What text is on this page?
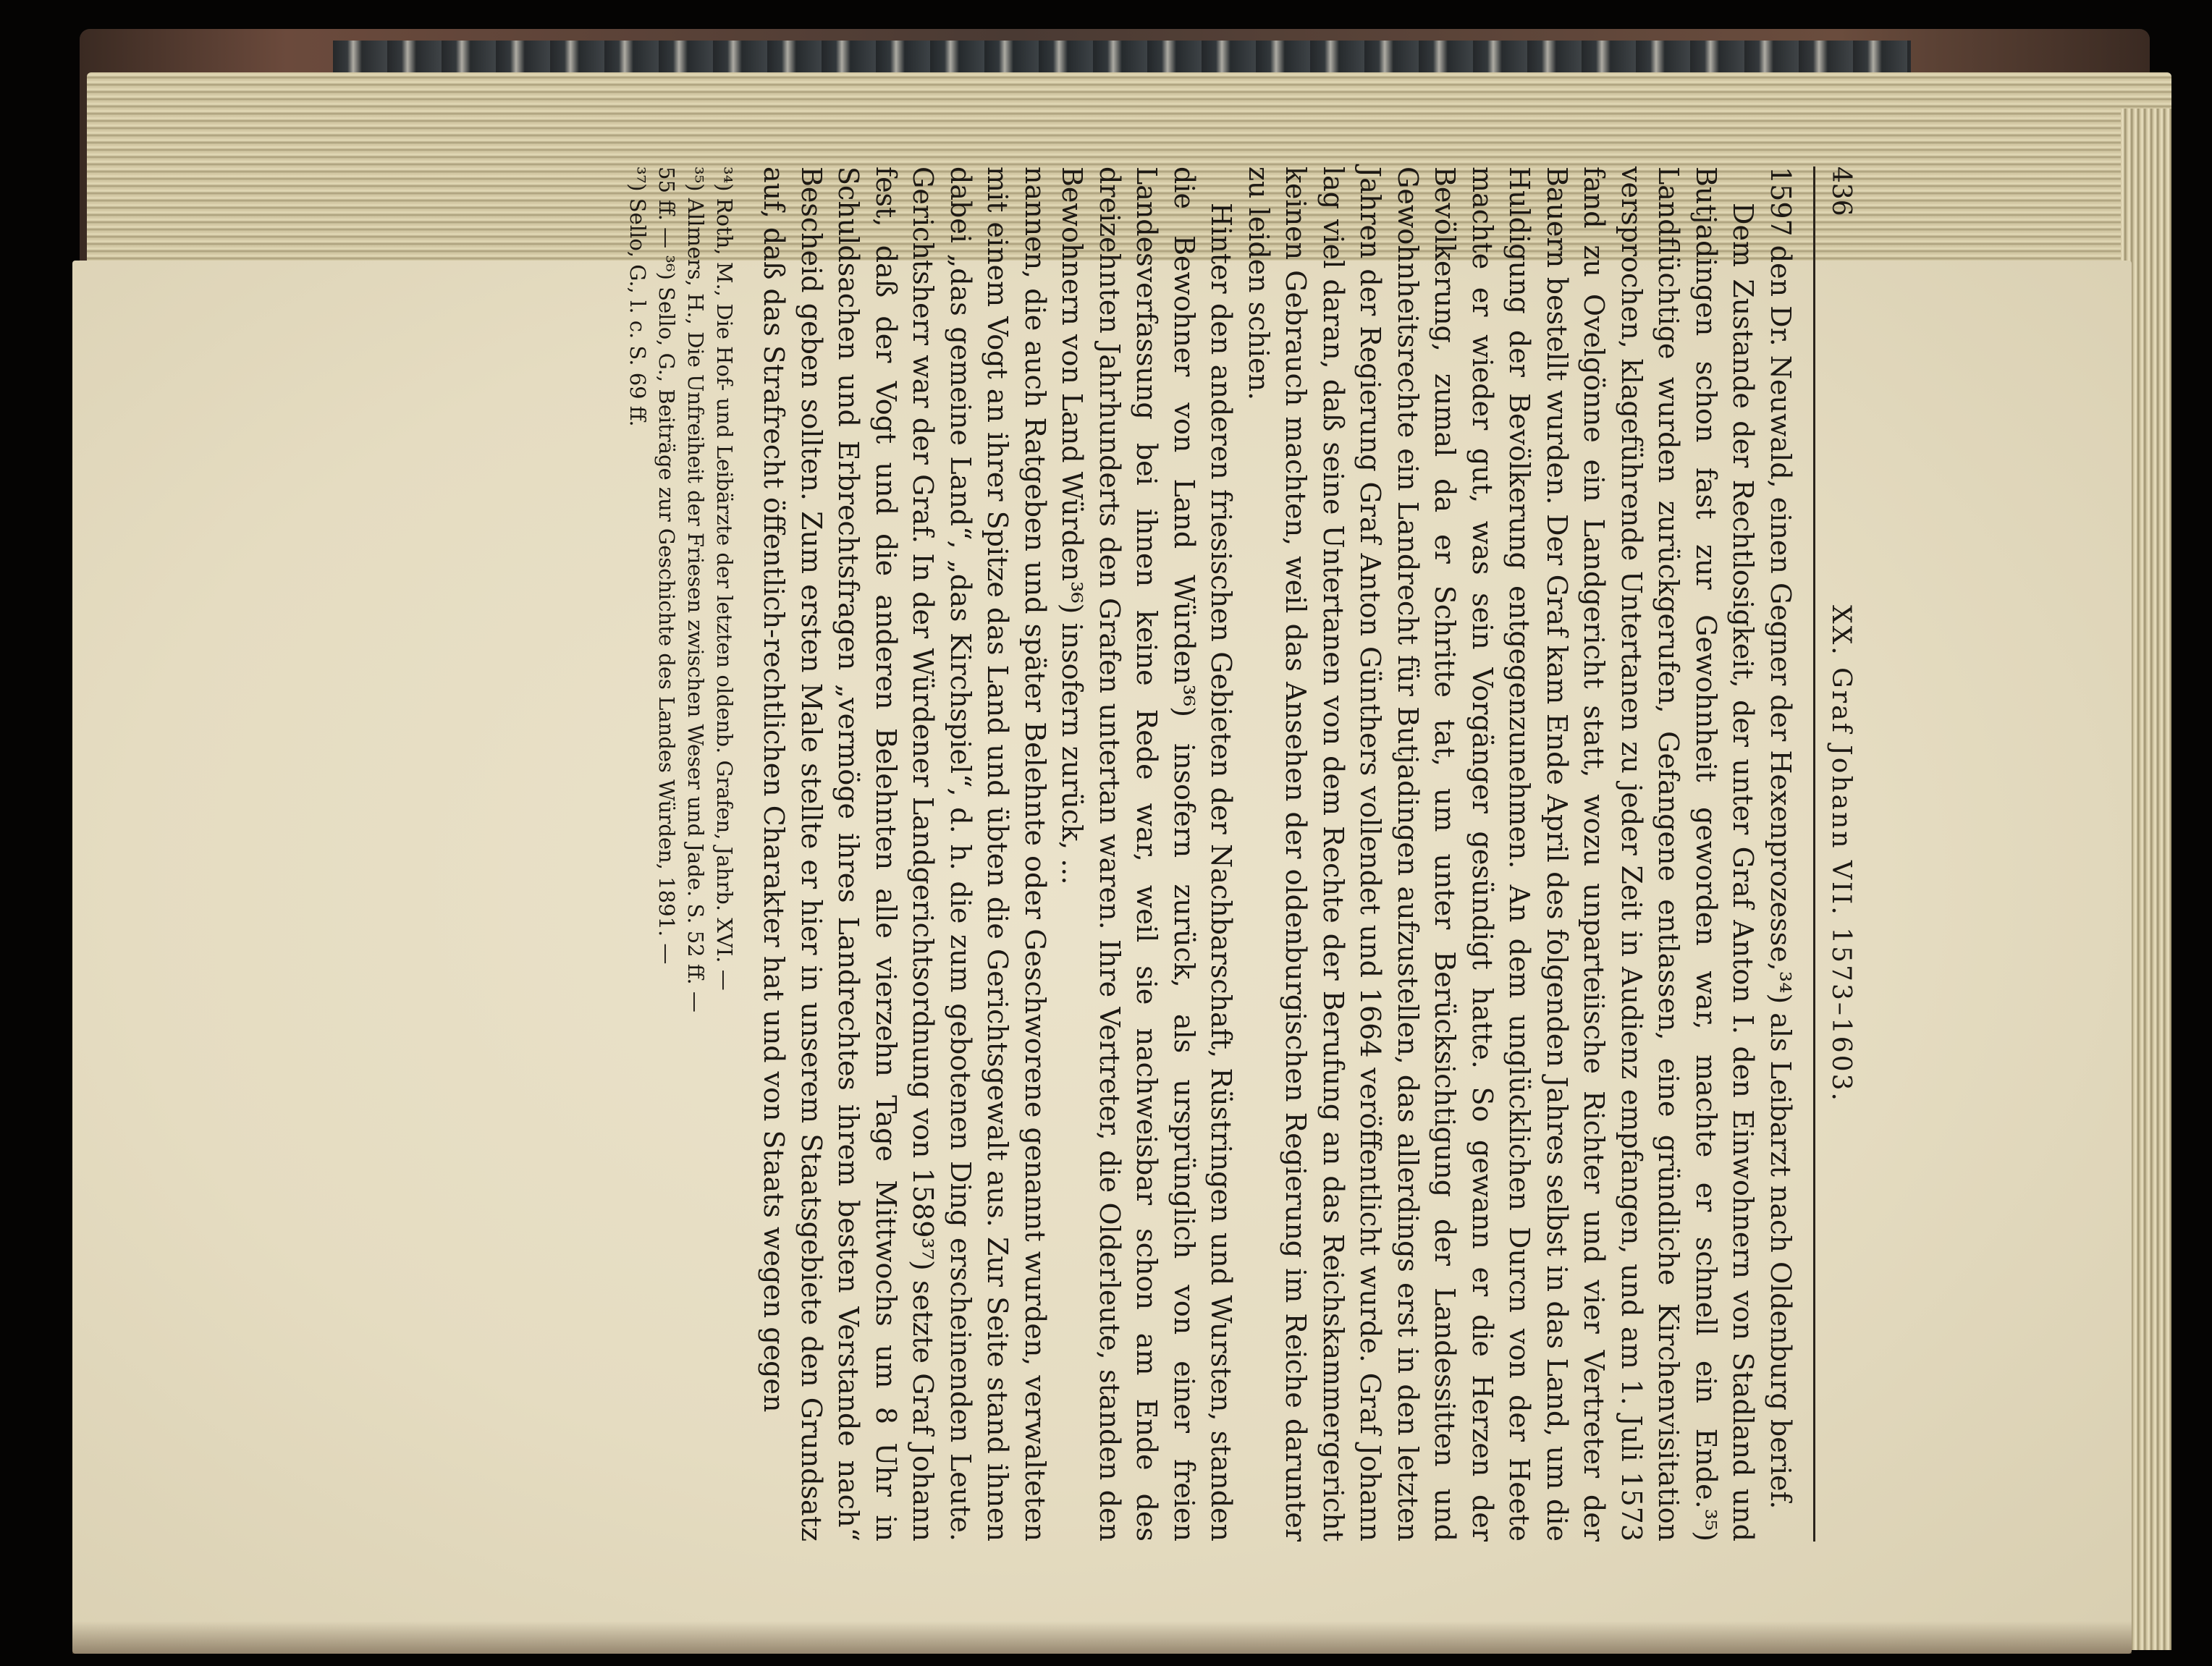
436
XX. Graf Johann VII. 1573–1603.

1597 den Dr. Neuwald, einen Gegner der Hexenprozesse,³⁴) als Leibarzt nach Oldenburg berief.

Dem Zustande der Rechtlosigkeit, der unter Graf Anton I. den Einwohnern von Stadland und Butjadingen schon fast zur Gewohnheit geworden war, machte er schnell ein Ende.³⁵) Landflüchtige wurden zurückgerufen, Gefangene entlassen, eine gründliche Kirchenvisitation versprochen, klageführende Untertanen zu jeder Zeit in Audienz empfangen, und am 1. Juli 1573 fand zu Ovelgönne ein Landgericht statt, wozu unparteiische Richter und vier Vertreter der Bauern bestellt wurden. Der Graf kam Ende April des folgenden Jahres selbst in das Land, um die Huldigung der Bevölkerung entgegenzunehmen. An dem unglücklichen Durcn von der Heete machte er wieder gut, was sein Vorgänger gesündigt hatte. So gewann er die Herzen der Bevölkerung, zumal da er Schritte tat, um unter Berücksichtigung der Landessitten und Gewohnheitsrechte ein Landrecht für Butjadingen aufzustellen, das allerdings erst in den letzten Jahren der Regierung Graf Anton Günthers vollendet und 1664 veröffentlicht wurde. Graf Johann lag viel daran, daß seine Untertanen von dem Rechte der Berufung an das Reichskammergericht keinen Gebrauch machten, weil das Ansehen der oldenburgischen Regierung im Reiche darunter zu leiden schien.

Hinter den anderen friesischen Gebieten der Nachbarschaft, Rüstringen und Wursten, standen die Bewohner von Land Würden³⁶) insofern zurück, als ursprünglich von einer freien Landesverfassung bei ihnen keine Rede war, weil sie nachweisbar schon am Ende des dreizehnten Jahrhunderts den Grafen untertan waren. Ihre Vertreter, die Olderleute, standen den Bewohnern von Land Würden³⁶) insofern zurück, ...

nannen, die auch Ratgeben und später Belehnte oder Geschworene genannt wurden, verwalteten mit einem Vogt an ihrer Spitze das Land und übten die Gerichtsgewalt aus. Zur Seite stand ihnen dabei „das gemeine Land“, „das Kirchspiel“, d. h. die zum gebotenen Ding erscheinenden Leute. Gerichtsherr war der Graf. In der Würdener Landgerichtsordnung von 1589³⁷) setzte Graf Johann fest, daß der Vogt und die anderen Belehnten alle vierzehn Tage Mittwochs um 8 Uhr in Schuldsachen und Erbrechtsfragen „vermöge ihres Landrechtes ihrem besten Verstande nach“ Bescheid geben sollten. Zum ersten Male stellte er hier in unserem Staatsgebiete den Grundsatz auf, daß das Strafrecht öffentlich-rechtlichen Charakter hat und von Staats wegen gegen

³⁴) Roth, M., Die Hof- und Leibärzte der letzten oldenb. Grafen, Jahrb. XVI. —

³⁵) Allmers, H., Die Unfreiheit der Friesen zwischen Weser und Jade. S. 52 ff. —

55 ff. — ³⁶) Sello, G., Beiträge zur Geschichte des Landes Würden, 1891. —

³⁷) Sello, G., l. c. S. 69 ff.
